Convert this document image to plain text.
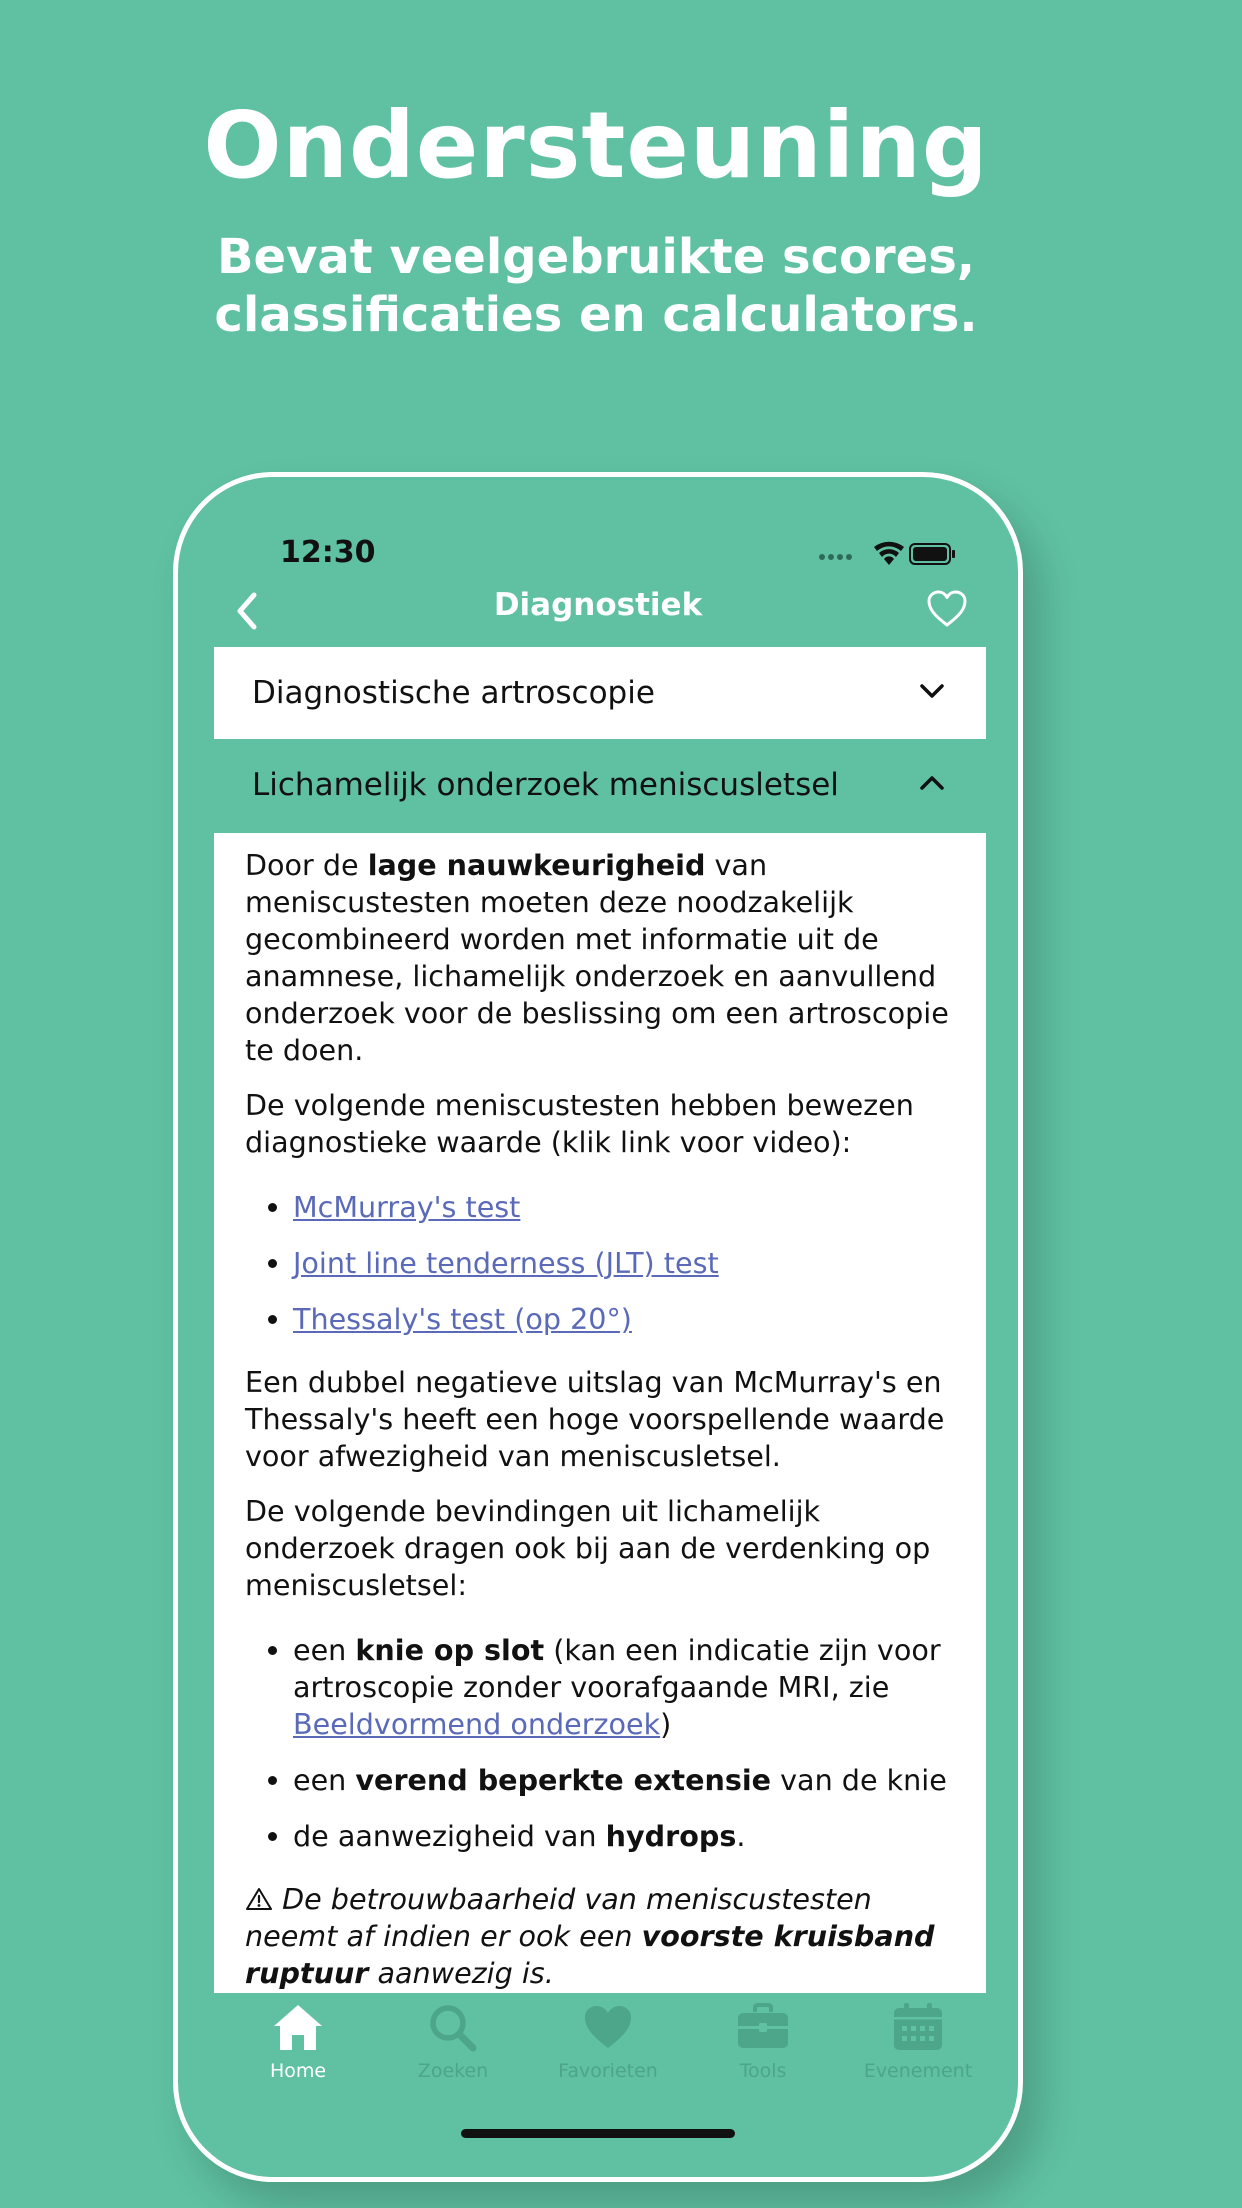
Ondersteuning
Bevat veelgebruikte scores,
classificaties en calculators.
12:30
Diagnostiek
Diagnostische artroscopie
Lichamelijk onderzoek meniscusletsel

Door de lage nauwkeurigheid van meniscustesten moeten deze noodzakelijk gecombineerd worden met informatie uit de anamnese, lichamelijk onderzoek en aanvullend onderzoek voor de beslissing om een artroscopie te doen.

De volgende meniscustesten hebben bewezen diagnostieke waarde (klik link voor video):

• McMurray's test
• Joint line tenderness (JLT) test
• Thessaly's test (op 20°)

Een dubbel negatieve uitslag van McMurray's en Thessaly's heeft een hoge voorspellende waarde voor afwezigheid van meniscusletsel.

De volgende bevindingen uit lichamelijk onderzoek dragen ook bij aan de verdenking op meniscusletsel:

• een knie op slot (kan een indicatie zijn voor artroscopie zonder voorafgaande MRI, zie Beeldvormend onderzoek)
• een verend beperkte extensie van de knie
• de aanwezigheid van hydrops.

De betrouwbaarheid van meniscustesten neemt af indien er ook een voorste kruisband ruptuur aanwezig is.

Home	Zoeken	Favorieten	Tools	Evenement
